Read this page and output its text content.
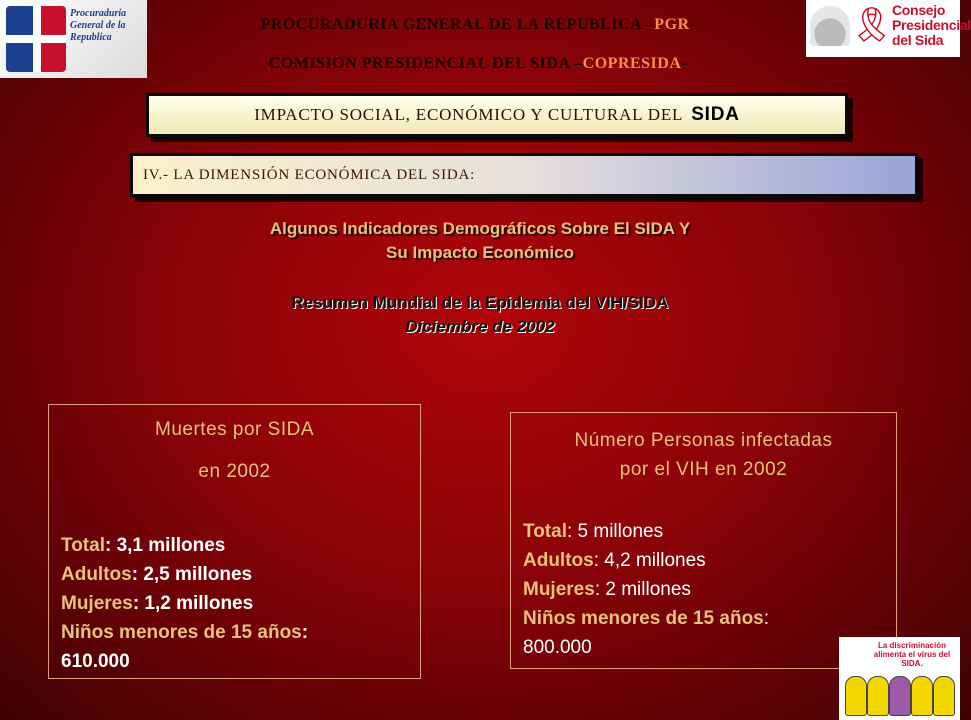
Procuraduria General de la Republica	🎗
Consejo Presidencial del Sida
PROCURADURIA GENERAL DE LA REPUBLICA –PGR-
COMISION PRESIDENCIAL DEL SIDA –COPRESIDA-
IMPACTO SOCIAL, ECONÓMICO Y CULTURAL DEL SIDA
IV.- LA DIMENSIÓN ECONÓMICA DEL SIDA:
Algunos Indicadores Demográficos Sobre El SIDA Y
Su Impacto Económico
Resumen Mundial de la Epidemia del VIH/SIDA
Diciembre de 2002
Muertes por SIDA
en 2002
Total: 3,1 millones
Adultos: 2,5 millones
Mujeres: 1,2 millones
Niños menores de 15 años:
610.000
Número Personas infectadas
por el VIH en 2002
Total: 5 millones
Adultos: 4,2 millones
Mujeres: 2 millones
Niños menores de 15 años:
800.000	La discriminación alimenta el virus del SIDA.
